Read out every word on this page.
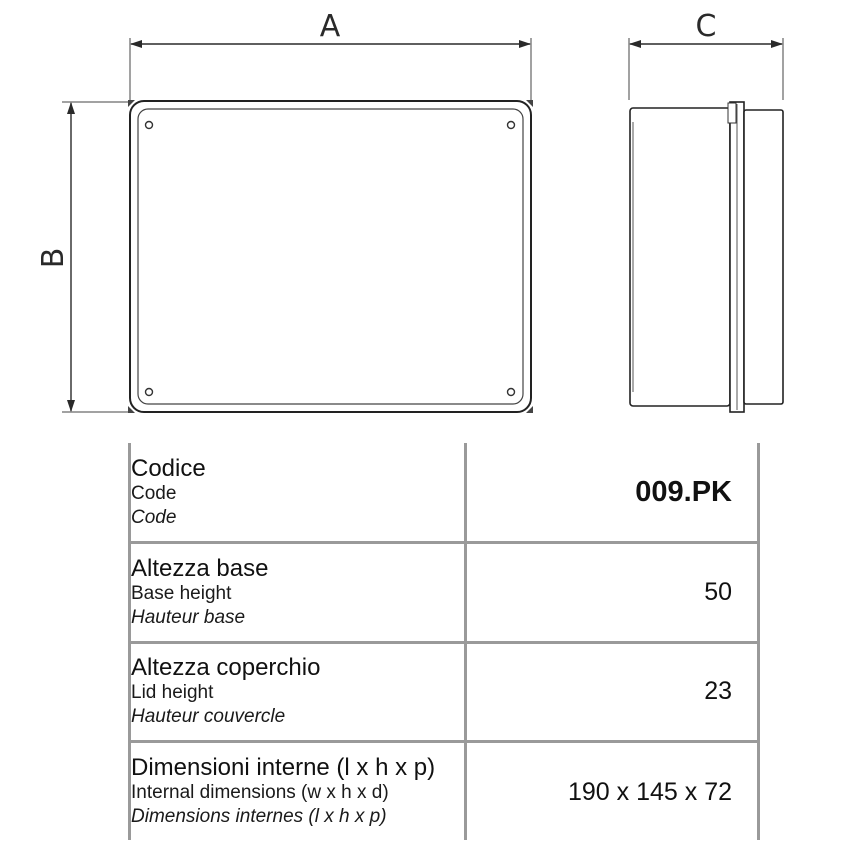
A
B
C
Codice
Code
Code
009.PK
Altezza base
Base height
Hauteur base
50
Altezza coperchio
Lid height
Hauteur couvercle
23
Dimensioni interne (l x h x p)
Internal dimensions (w x h x d)
Dimensions internes (l x h x p)
190 x 145 x 72
